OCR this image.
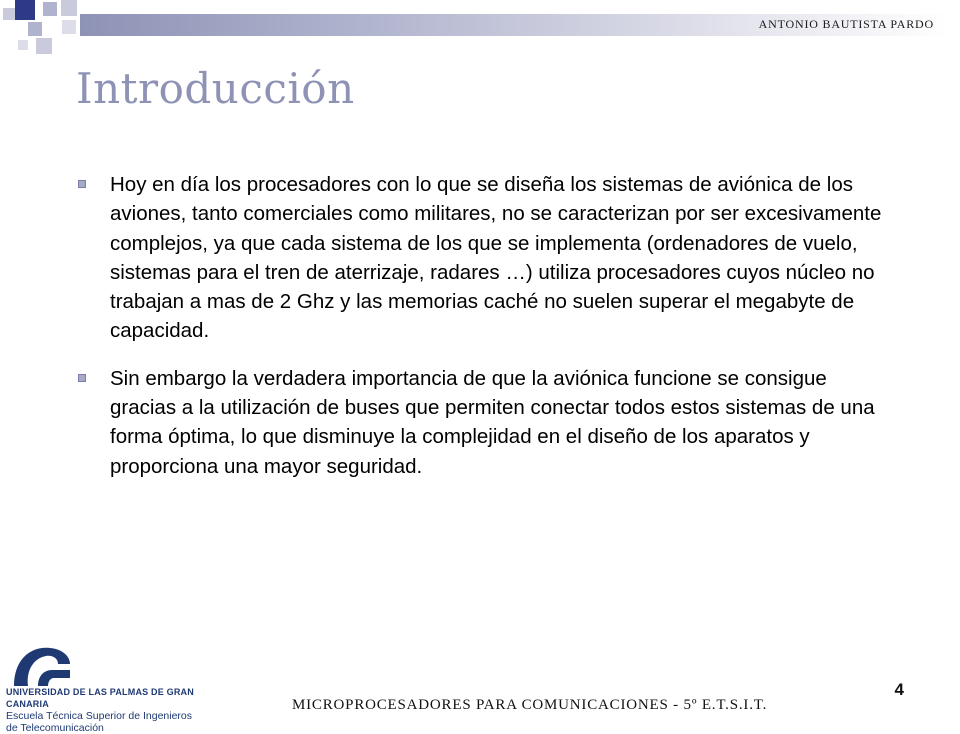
ANTONIO BAUTISTA PARDO
Introducción
Hoy en día los procesadores con lo que se diseña los sistemas de aviónica de los aviones, tanto comerciales como militares, no se caracterizan por ser excesivamente complejos, ya que cada sistema de los que se implementa (ordenadores de vuelo, sistemas para el tren de aterrizaje, radares …) utiliza procesadores cuyos núcleo no trabajan a mas de 2 Ghz y las memorias caché no suelen superar el megabyte de capacidad.
Sin embargo la verdadera importancia de que la aviónica funcione se consigue gracias a la utilización de buses que permiten conectar todos estos sistemas de una forma óptima, lo que disminuye la complejidad en el diseño de los aparatos y proporciona una mayor seguridad.
UNIVERSIDAD DE LAS PALMAS DE GRAN CANARIA
Escuela Técnica Superior de Ingenieros
de Telecomunicación
MICROPROCESADORES PARA COMUNICACIONES - 5º E.T.S.I.T.
4
